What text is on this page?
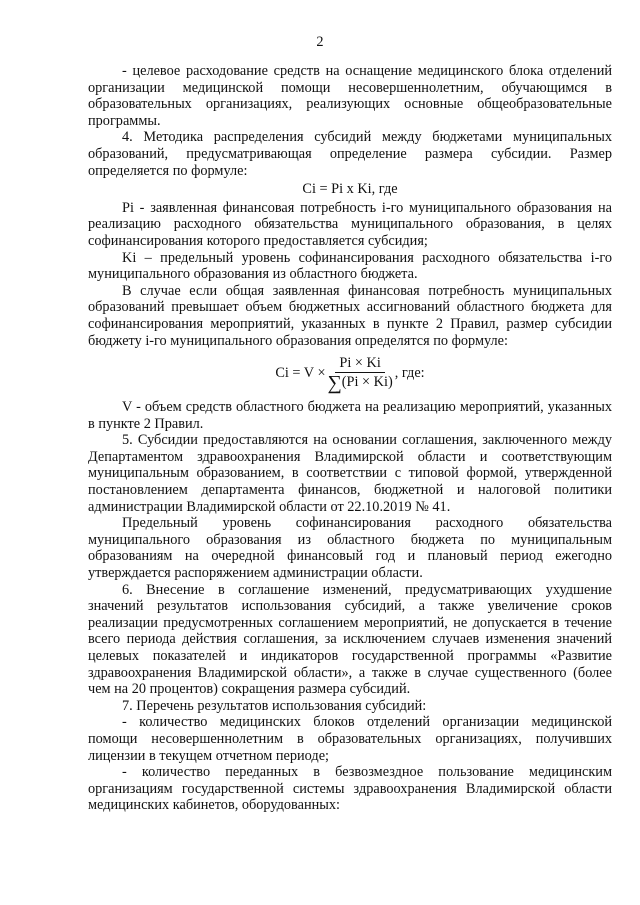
2

- целевое расходование средств на оснащение медицинского блока отделений организации медицинской помощи несовершеннолетним, обучающимся в образовательных организациях, реализующих основные общеобразовательные программы.

4. Методика распределения субсидий между бюджетами муниципальных образований, предусматривающая определение размера субсидии. Размер определяется по формуле:

Ci = Pi x Ki, где

Pi - заявленная финансовая потребность i-го муниципального образования на реализацию расходного обязательства муниципального образования, в целях софинансирования которого предоставляется субсидия;

Ki – предельный уровень софинансирования расходного обязательства i-го муниципального образования из областного бюджета.

В случае если общая заявленная финансовая потребность муниципальных образований превышает объем бюджетных ассигнований областного бюджета для софинансирования мероприятий, указанных в пункте 2 Правил, размер субсидии бюджету i-го муниципального образования определятся по формуле:

$Ci = V \times \frac{Pi \times Ki}{\sum(Pi \times Ki)}$ , где:

V - объем средств областного бюджета на реализацию мероприятий, указанных в пункте 2 Правил.

5. Субсидии предоставляются на основании соглашения, заключенного между Департаментом здравоохранения Владимирской области и соответствующим муниципальным образованием, в соответствии с типовой формой, утвержденной постановлением департамента финансов, бюджетной и налоговой политики администрации Владимирской области от 22.10.2019 № 41.

Предельный уровень софинансирования расходного обязательства муниципального образования из областного бюджета по муниципальным образованиям на очередной финансовый год и плановый период ежегодно утверждается распоряжением администрации области.

6. Внесение в соглашение изменений, предусматривающих ухудшение значений результатов использования субсидий, а также увеличение сроков реализации предусмотренных соглашением мероприятий, не допускается в течение всего периода действия соглашения, за исключением случаев изменения значений целевых показателей и индикаторов государственной программы «Развитие здравоохранения Владимирской области», а также в случае существенного (более чем на 20 процентов) сокращения размера субсидий.

7. Перечень результатов использования субсидий:

- количество медицинских блоков отделений организации медицинской помощи несовершеннолетним в образовательных организациях, получивших лицензии в текущем отчетном периоде;

- количество переданных в безвозмездное пользование медицинским организациям государственной системы здравоохранения Владимирской области медицинских кабинетов, оборудованных:
